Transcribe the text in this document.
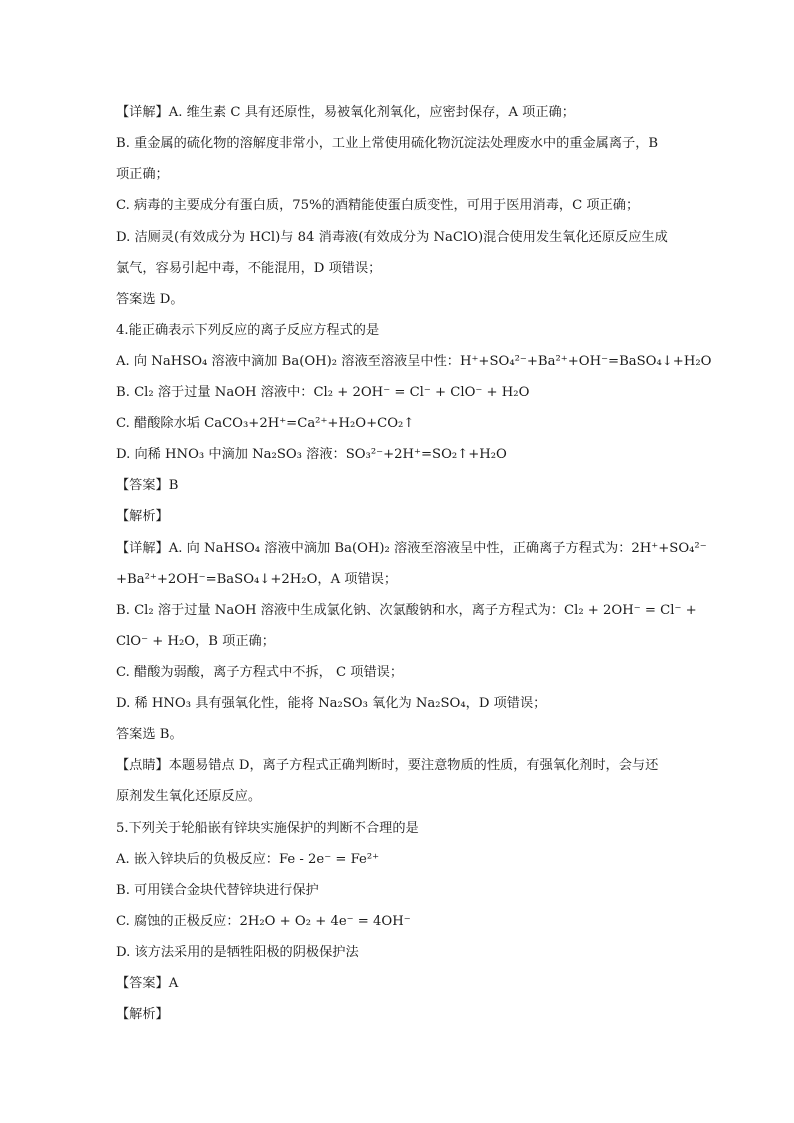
【详解】A. 维生素 C 具有还原性，易被氧化剂氧化，应密封保存，A 项正确；
B. 重金属的硫化物的溶解度非常小，工业上常使用硫化物沉淀法处理废水中的重金属离子，B
项正确；
C. 病毒的主要成分有蛋白质，75%的酒精能使蛋白质变性，可用于医用消毒，C 项正确；
D. 洁厕灵(有效成分为 HCl)与 84 消毒液(有效成分为 NaClO)混合使用发生氧化还原反应生成
氯气，容易引起中毒，不能混用，D 项错误；
答案选 D。
4.能正确表示下列反应的离子反应方程式的是
A. 向 NaHSO₄ 溶液中滴加 Ba(OH)₂ 溶液至溶液呈中性：H⁺+SO₄²⁻+Ba²⁺+OH⁻=BaSO₄↓+H₂O
B. Cl₂ 溶于过量 NaOH 溶液中：Cl₂ + 2OH⁻ = Cl⁻ + ClO⁻ + H₂O
C. 醋酸除水垢 CaCO₃+2H⁺=Ca²⁺+H₂O+CO₂↑
D. 向稀 HNO₃ 中滴加 Na₂SO₃ 溶液：SO₃²⁻+2H⁺=SO₂↑+H₂O
【答案】B
【解析】
【详解】A. 向 NaHSO₄ 溶液中滴加 Ba(OH)₂ 溶液至溶液呈中性，正确离子方程式为：2H⁺+SO₄²⁻
+Ba²⁺+2OH⁻=BaSO₄↓+2H₂O，A 项错误；
B. Cl₂ 溶于过量 NaOH 溶液中生成氯化钠、次氯酸钠和水，离子方程式为：Cl₂ + 2OH⁻ = Cl⁻ +
ClO⁻ + H₂O，B 项正确；
C. 醋酸为弱酸，离子方程式中不拆， C 项错误；
D. 稀 HNO₃ 具有强氧化性，能将 Na₂SO₃ 氧化为 Na₂SO₄，D 项错误；
答案选 B。
【点睛】本题易错点 D，离子方程式正确判断时，要注意物质的性质，有强氧化剂时，会与还
原剂发生氧化还原反应。
5.下列关于轮船嵌有锌块实施保护的判断不合理的是
A. 嵌入锌块后的负极反应：Fe - 2e⁻ = Fe²⁺
B. 可用镁合金块代替锌块进行保护
C. 腐蚀的正极反应：2H₂O + O₂ + 4e⁻ = 4OH⁻
D. 该方法采用的是牺牲阳极的阴极保护法
【答案】A
【解析】
